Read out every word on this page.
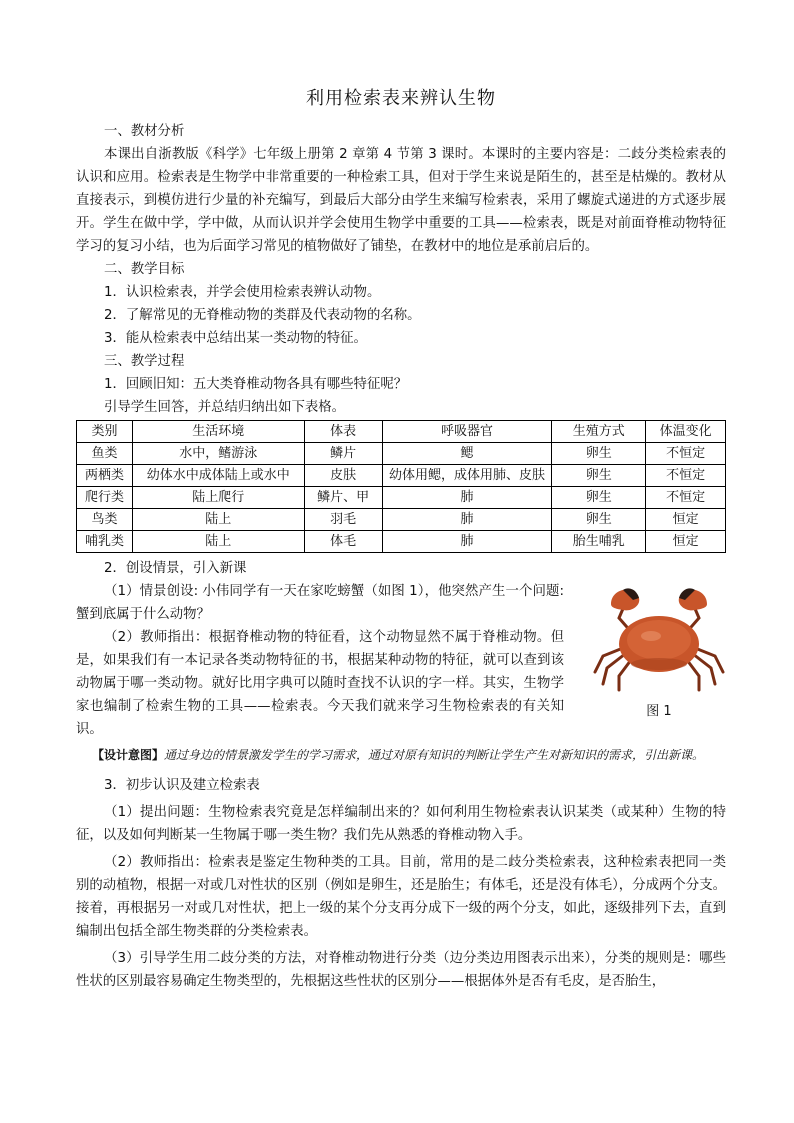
利用检索表来辨认生物

一、教材分析

本课出自浙教版《科学》七年级上册第 2 章第 4 节第 3 课时。本课时的主要内容是：二歧分类检索表的认识和应用。检索表是生物学中非常重要的一种检索工具，但对于学生来说是陌生的，甚至是枯燥的。教材从直接表示，到模仿进行少量的补充编写，到最后大部分由学生来编写检索表，采用了螺旋式递进的方式逐步展开。学生在做中学，学中做，从而认识并学会使用生物学中重要的工具——检索表，既是对前面脊椎动物特征学习的复习小结，也为后面学习常见的植物做好了铺垫，在教材中的地位是承前启后的。

二、教学目标

1．认识检索表，并学会使用检索表辨认动物。

2．了解常见的无脊椎动物的类群及代表动物的名称。

3．能从检索表中总结出某一类动物的特征。

三、教学过程

1．回顾旧知：五大类脊椎动物各具有哪些特征呢？

引导学生回答，并总结归纳出如下表格。

类别	生活环境	体表	呼吸器官	生殖方式	体温变化
鱼类	水中，鳍游泳	鳞片	鳃	卵生	不恒定
两栖类	幼体水中成体陆上或水中	皮肤	幼体用鳃，成体用肺、皮肤	卵生	不恒定
爬行类	陆上爬行	鳞片、甲	肺	卵生	不恒定
鸟类	陆上	羽毛	肺	卵生	恒定
哺乳类	陆上	体毛	肺	胎生哺乳	恒定

2．创设情景，引入新课

图 1

（1）情景创设: 小伟同学有一天在家吃螃蟹（如图 1），他突然产生一个问题: 蟹到底属于什么动物？

（2）教师指出：根据脊椎动物的特征看，这个动物显然不属于脊椎动物。但是，如果我们有一本记录各类动物特征的书，根据某种动物的特征，就可以查到该动物属于哪一类动物。就好比用字典可以随时查找不认识的字一样。其实，生物学家也编制了检索生物的工具——检索表。今天我们就来学习生物检索表的有关知识。

【设计意图】通过身边的情景激发学生的学习需求，通过对原有知识的判断让学生产生对新知识的需求，引出新课。

3．初步认识及建立检索表

（1）提出问题：生物检索表究竟是怎样编制出来的？如何利用生物检索表认识某类（或某种）生物的特征，以及如何判断某一生物属于哪一类生物？我们先从熟悉的脊椎动物入手。

（2）教师指出：检索表是鉴定生物种类的工具。目前，常用的是二歧分类检索表，这种检索表把同一类别的动植物，根据一对或几对性状的区别（例如是卵生，还是胎生；有体毛，还是没有体毛），分成两个分支。接着，再根据另一对或几对性状，把上一级的某个分支再分成下一级的两个分支，如此，逐级排列下去，直到编制出包括全部生物类群的分类检索表。

（3）引导学生用二歧分类的方法，对脊椎动物进行分类（边分类边用图表示出来），分类的规则是：哪些性状的区别最容易确定生物类型的，先根据这些性状的区别分——根据体外是否有毛皮，是否胎生，
